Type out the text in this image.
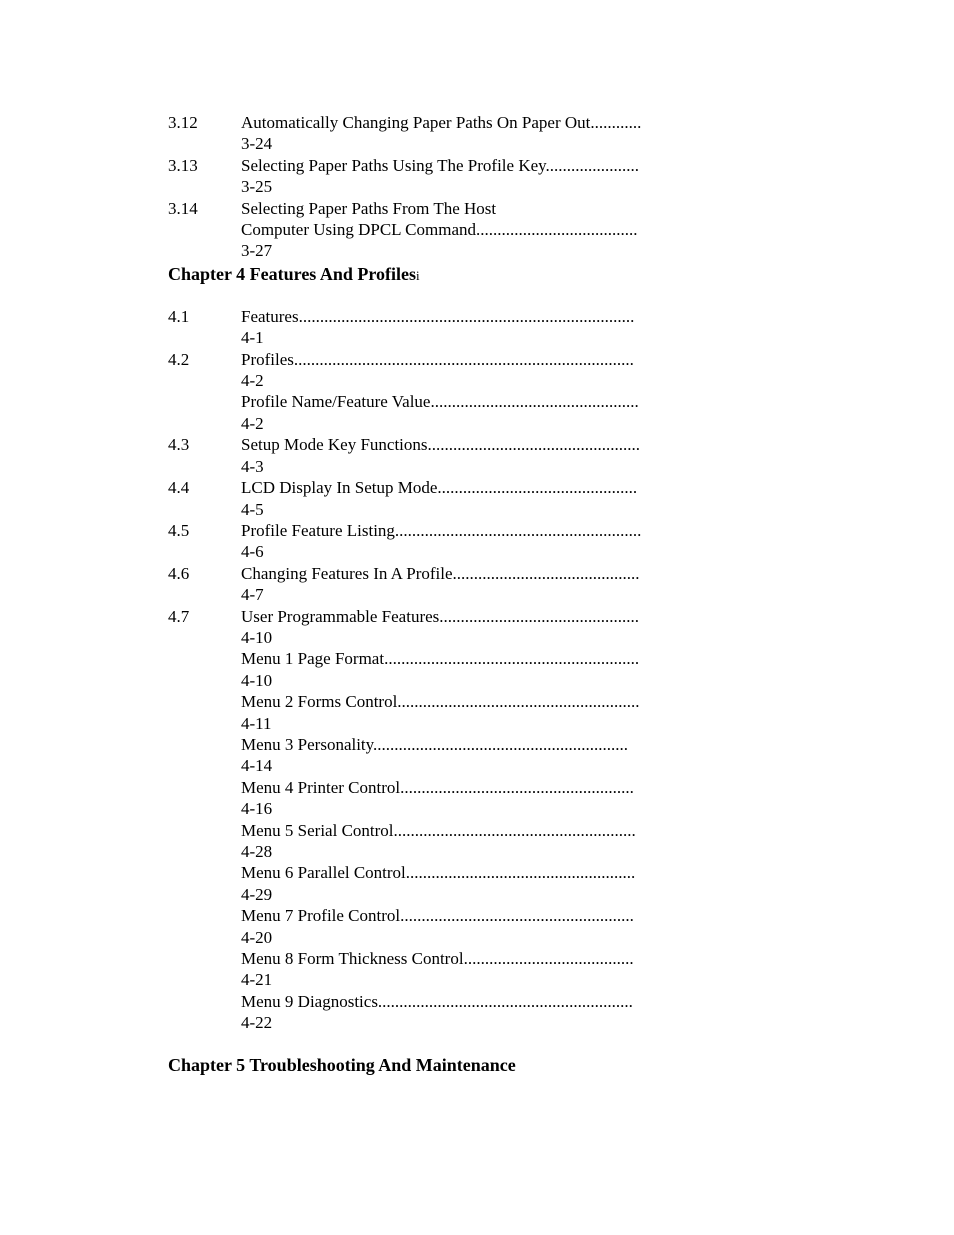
3.12	Automatically Changing Paper Paths On Paper Out............
3-24
3.13	Selecting Paper Paths Using The Profile Key......................
3-25
3.14	Selecting Paper Paths From The Host
Computer Using DPCL Command......................................
3-27
Chapter 4 Features And Profilesi
4.1	Features...............................................................................
4-1
4.2	Profiles................................................................................
4-2
Profile Name/Feature Value.................................................
4-2
4.3	Setup Mode Key Functions..................................................
4-3
4.4	LCD Display In Setup Mode...............................................
4-5
4.5	Profile Feature Listing..........................................................
4-6
4.6	Changing Features In A Profile............................................
4-7
4.7	User Programmable Features...............................................
4-10
Menu 1 Page Format............................................................
4-10
Menu 2 Forms Control.........................................................
4-11
Menu 3 Personality............................................................
4-14
Menu 4 Printer Control.......................................................
4-16
Menu 5 Serial Control.........................................................
4-28
Menu 6 Parallel Control......................................................
4-29
Menu 7 Profile Control.......................................................
4-20
Menu 8 Form Thickness Control........................................
4-21
Menu 9 Diagnostics............................................................
4-22
Chapter 5 Troubleshooting And Maintenance
